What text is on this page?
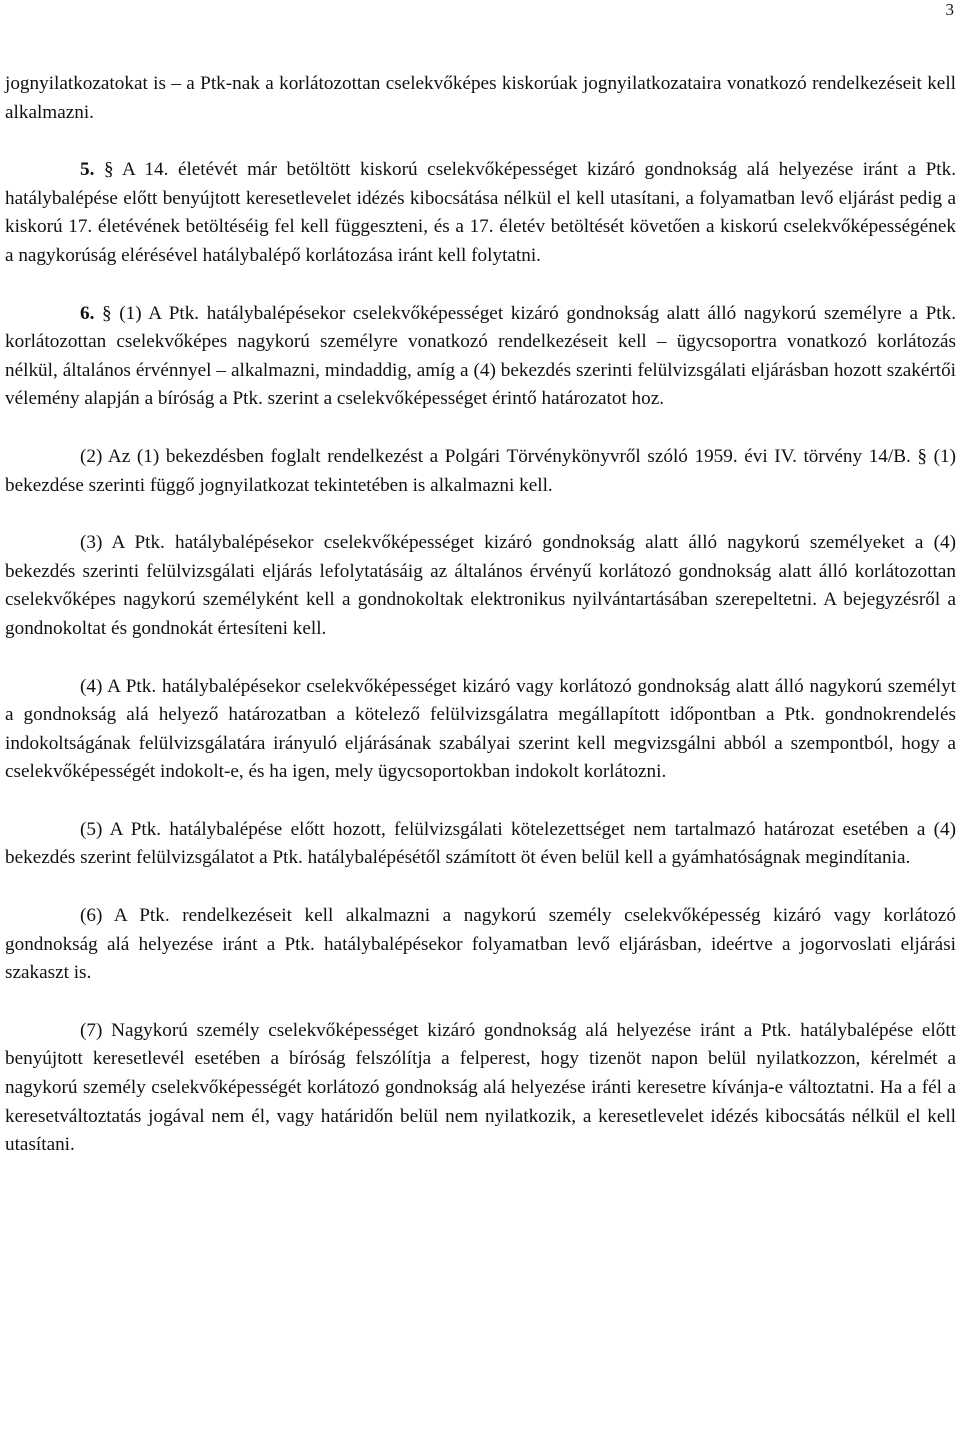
3

jognyilatkozatokat is – a Ptk-nak a korlátozottan cselekvőképes kiskorúak jognyilatkozataira vonatkozó rendelkezéseit kell alkalmazni.

5. § A 14. életévét már betöltött kiskorú cselekvőképességet kizáró gondnokság alá helyezése iránt a Ptk. hatálybalépése előtt benyújtott keresetlevelet idézés kibocsátása nélkül el kell utasítani, a folyamatban levő eljárást pedig a kiskorú 17. életévének betöltéséig fel kell függeszteni, és a 17. életév betöltését követően a kiskorú cselekvőképességének a nagykorúság elérésével hatálybalépő korlátozása iránt kell folytatni.

6. § (1) A Ptk. hatálybalépésekor cselekvőképességet kizáró gondnokság alatt álló nagykorú személyre a Ptk. korlátozottan cselekvőképes nagykorú személyre vonatkozó rendelkezéseit kell – ügycsoportra vonatkozó korlátozás nélkül, általános érvénnyel – alkalmazni, mindaddig, amíg a (4) bekezdés szerinti felülvizsgálati eljárásban hozott szakértői vélemény alapján a bíróság a Ptk. szerint a cselekvőképességet érintő határozatot hoz.

(2) Az (1) bekezdésben foglalt rendelkezést a Polgári Törvénykönyvről szóló 1959. évi IV. törvény 14/B. § (1) bekezdése szerinti függő jognyilatkozat tekintetében is alkalmazni kell.

(3) A Ptk. hatálybalépésekor cselekvőképességet kizáró gondnokság alatt álló nagykorú személyeket a (4) bekezdés szerinti felülvizsgálati eljárás lefolytatásáig az általános érvényű korlátozó gondnokság alatt álló korlátozottan cselekvőképes nagykorú személyként kell a gondnokoltak elektronikus nyilvántartásában szerepeltetni. A bejegyzésről a gondnokoltat és gondnokát értesíteni kell.

(4) A Ptk. hatálybalépésekor cselekvőképességet kizáró vagy korlátozó gondnokság alatt álló nagykorú személyt a gondnokság alá helyező határozatban a kötelező felülvizsgálatra megállapított időpontban a Ptk. gondnokrendelés indokoltságának felülvizsgálatára irányuló eljárásának szabályai szerint kell megvizsgálni abból a szempontból, hogy a cselekvőképességét indokolt-e, és ha igen, mely ügycsoportokban indokolt korlátozni.

(5) A Ptk. hatálybalépése előtt hozott, felülvizsgálati kötelezettséget nem tartalmazó határozat esetében a (4) bekezdés szerint felülvizsgálatot a Ptk. hatálybalépésétől számított öt éven belül kell a gyámhatóságnak megindítania.

(6) A Ptk. rendelkezéseit kell alkalmazni a nagykorú személy cselekvőképesség kizáró vagy korlátozó gondnokság alá helyezése iránt a Ptk. hatálybalépésekor folyamatban levő eljárásban, ideértve a jogorvoslati eljárási szakaszt is.

(7) Nagykorú személy cselekvőképességet kizáró gondnokság alá helyezése iránt a Ptk. hatálybalépése előtt benyújtott keresetlevél esetében a bíróság felszólítja a felperest, hogy tizenöt napon belül nyilatkozzon, kérelmét a nagykorú személy cselekvőképességét korlátozó gondnokság alá helyezése iránti keresetre kívánja-e változtatni. Ha a fél a keresetváltoztatás jogával nem él, vagy határidőn belül nem nyilatkozik, a keresetlevelet idézés kibocsátás nélkül el kell utasítani.
